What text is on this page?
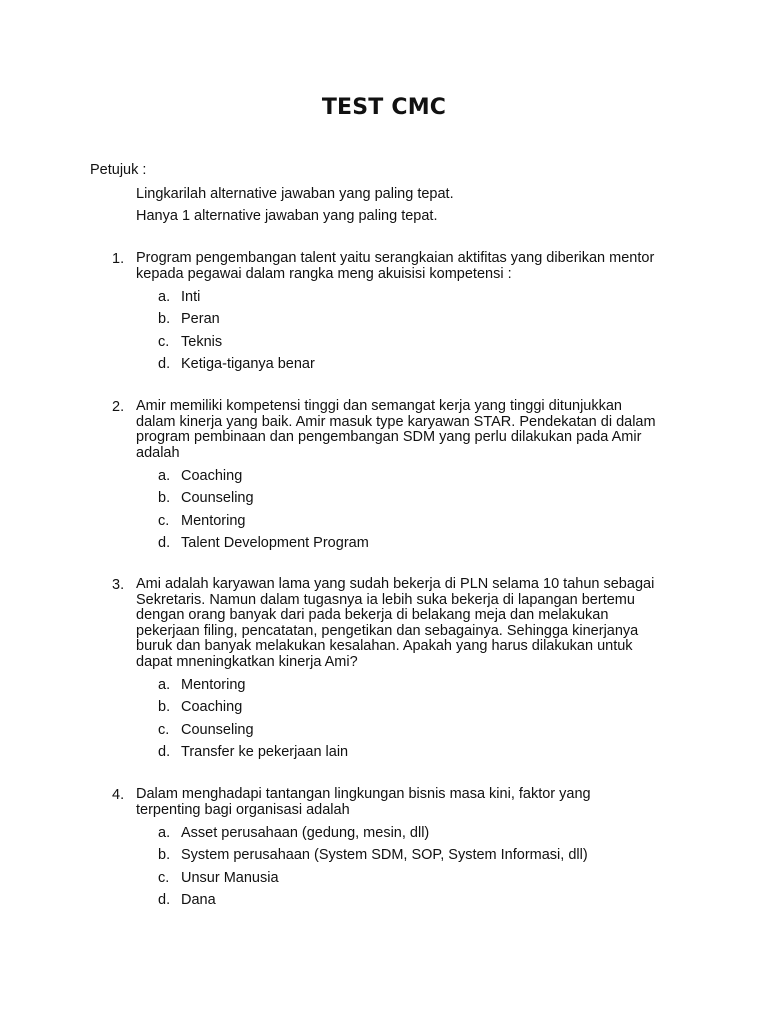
TEST CMC
Petujuk :
Lingkarilah alternative jawaban yang paling tepat.
Hanya 1 alternative jawaban yang paling tepat.
1. Program pengembangan talent yaitu serangkaian aktifitas yang diberikan mentor
kepada pegawai dalam rangka meng akuisisi kompetensi :
a. Inti
b. Peran
c. Teknis
d. Ketiga-tiganya benar
2. Amir memiliki kompetensi tinggi dan semangat kerja yang tinggi ditunjukkan
dalam kinerja yang baik. Amir masuk type karyawan STAR. Pendekatan di dalam
program pembinaan dan pengembangan SDM yang perlu dilakukan pada Amir
adalah
a. Coaching
b. Counseling
c. Mentoring
d. Talent Development Program
3. Ami adalah karyawan lama yang sudah bekerja di PLN selama 10 tahun sebagai
Sekretaris. Namun dalam tugasnya ia lebih suka bekerja di lapangan bertemu
dengan orang banyak dari pada bekerja di belakang meja dan melakukan
pekerjaan filing, pencatatan, pengetikan dan sebagainya. Sehingga kinerjanya
buruk dan banyak melakukan kesalahan. Apakah yang harus dilakukan untuk
dapat mneningkatkan kinerja Ami?
a. Mentoring
b. Coaching
c. Counseling
d. Transfer ke pekerjaan lain
4. Dalam menghadapi tantangan lingkungan bisnis masa kini, faktor yang
terpenting bagi organisasi adalah
a. Asset perusahaan (gedung, mesin, dll)
b. System perusahaan (System SDM, SOP, System Informasi, dll)
c. Unsur Manusia
d. Dana
